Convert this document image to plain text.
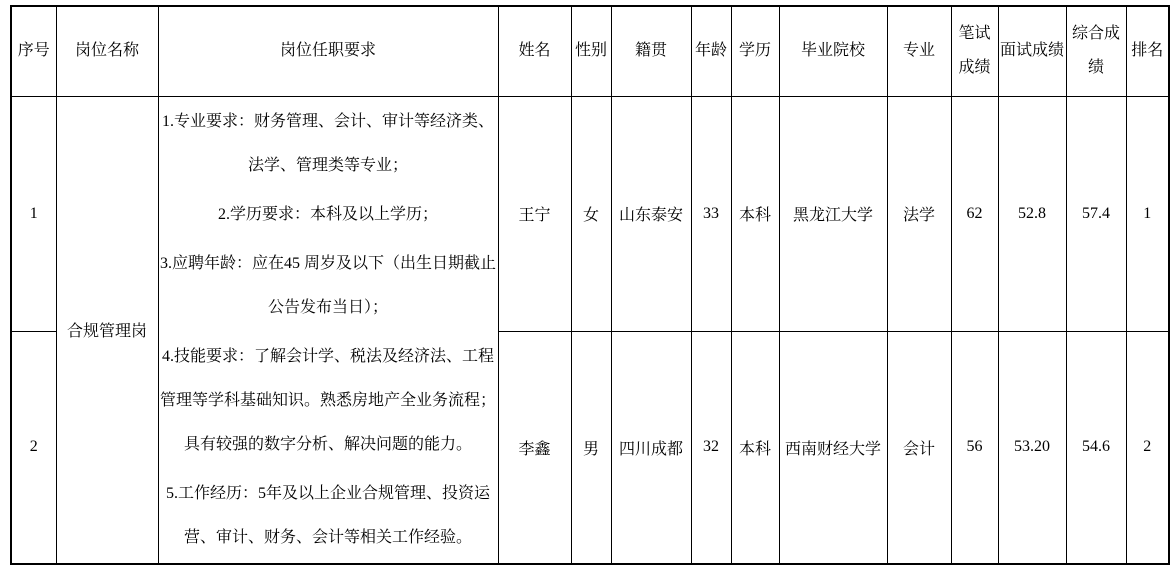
序号	岗位名称	岗位任职要求	姓名	性别	籍贯	年龄	学历	毕业院校	专业	笔试成绩	面试成绩	综合成绩	排名
1	合规管理岗	1.专业要求：财务管理、会计、审计等经济类、法学、管理类等专业；

2.学历要求：本科及以上学历；

3.应聘年龄：应在45 周岁及以下（出生日期截止公告发布当日）；

4.技能要求：了解会计学、税法及经济法、工程管理等学科基础知识。熟悉房地产全业务流程；具有较强的数字分析、解决问题的能力。

5.工作经历：5年及以上企业合规管理、投资运营、审计、财务、会计等相关工作经验。	王宁	女	山东泰安	33	本科	黑龙江大学	法学	62	52.8	57.4	1
2			李鑫	男	四川成都	32	本科	西南财经大学	会计	56	53.20	54.6	2
